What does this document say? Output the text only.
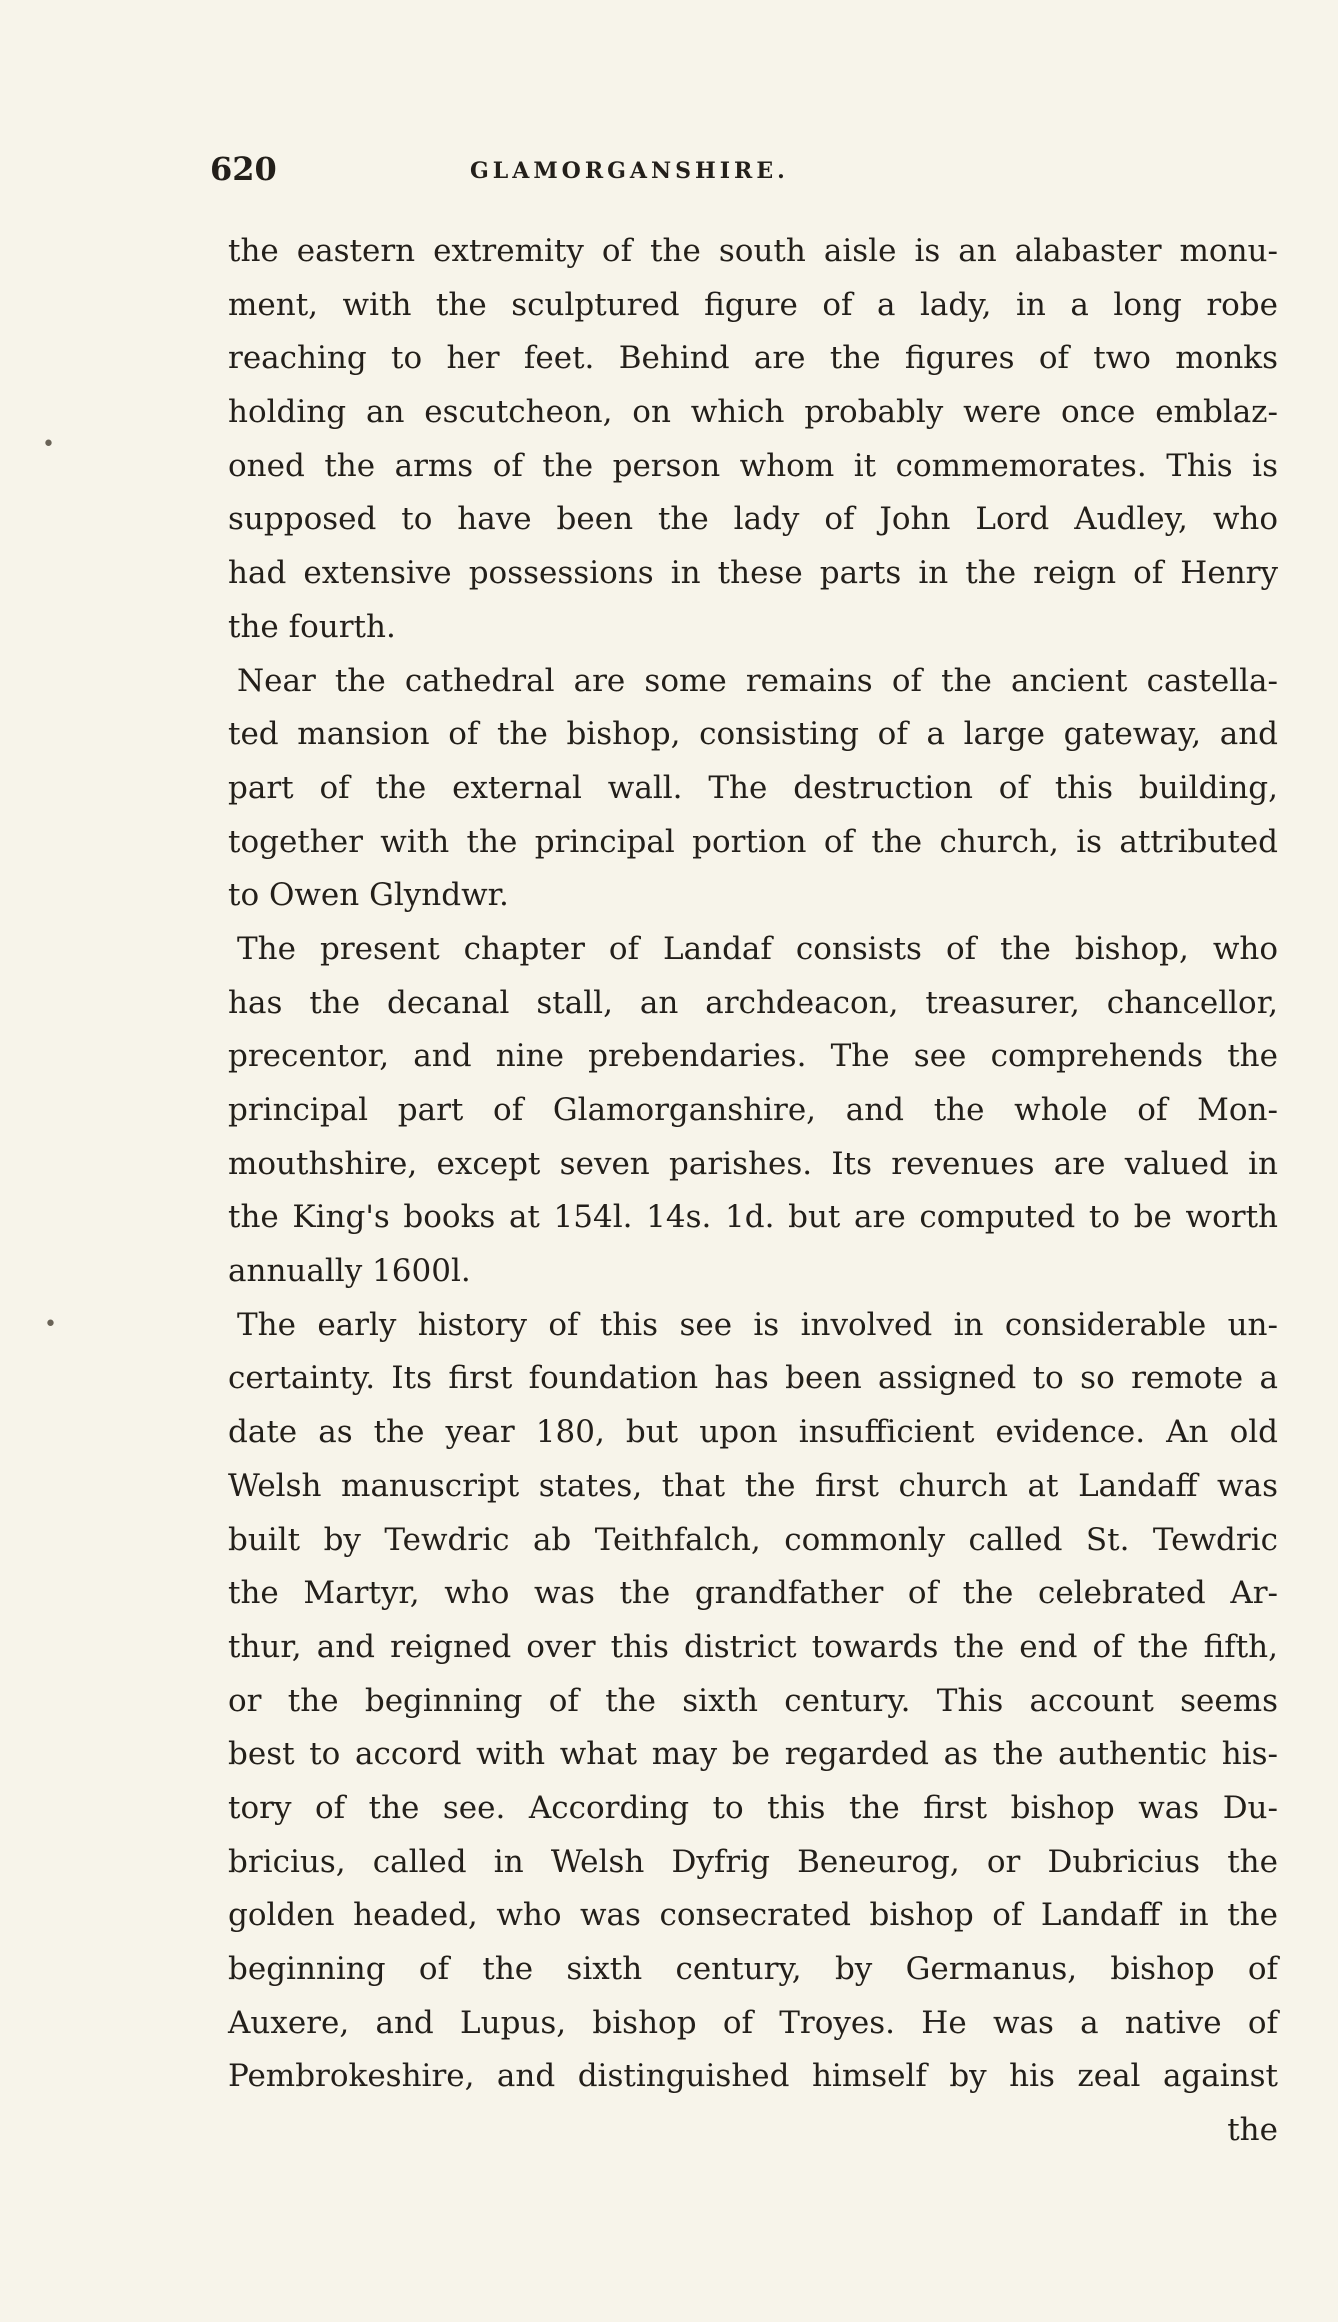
620	GLAMORGANSHIRE.
•
•
the eastern extremity of the south aisle is an alabaster monu-
ment, with the sculptured figure of a lady, in a long robe
reaching to her feet. Behind are the figures of two monks
holding an escutcheon, on which probably were once emblaz-
oned the arms of the person whom it commemorates. This is
supposed to have been the lady of John Lord Audley, who
had extensive possessions in these parts in the reign of Henry
the fourth.
Near the cathedral are some remains of the ancient castella-
ted mansion of the bishop, consisting of a large gateway, and
part of the external wall. The destruction of this building,
together with the principal portion of the church, is attributed
to Owen Glyndwr.
The present chapter of Landaf consists of the bishop, who
has the decanal stall, an archdeacon, treasurer, chancellor,
precentor, and nine prebendaries. The see comprehends the
principal part of Glamorganshire, and the whole of Mon-
mouthshire, except seven parishes. Its revenues are valued in
the King's books at 154l. 14s. 1d. but are computed to be worth
annually 1600l.
The early history of this see is involved in considerable un-
certainty. Its first foundation has been assigned to so remote a
date as the year 180, but upon insufficient evidence. An old
Welsh manuscript states, that the first church at Landaff was
built by Tewdric ab Teithfalch, commonly called St. Tewdric
the Martyr, who was the grandfather of the celebrated Ar-
thur, and reigned over this district towards the end of the fifth,
or the beginning of the sixth century. This account seems
best to accord with what may be regarded as the authentic his-
tory of the see. According to this the first bishop was Du-
bricius, called in Welsh Dyfrig Beneurog, or Dubricius the
golden headed, who was consecrated bishop of Landaff in the
beginning of the sixth century, by Germanus, bishop of
Auxere, and Lupus, bishop of Troyes. He was a native of
Pembrokeshire, and distinguished himself by his zeal against
the
